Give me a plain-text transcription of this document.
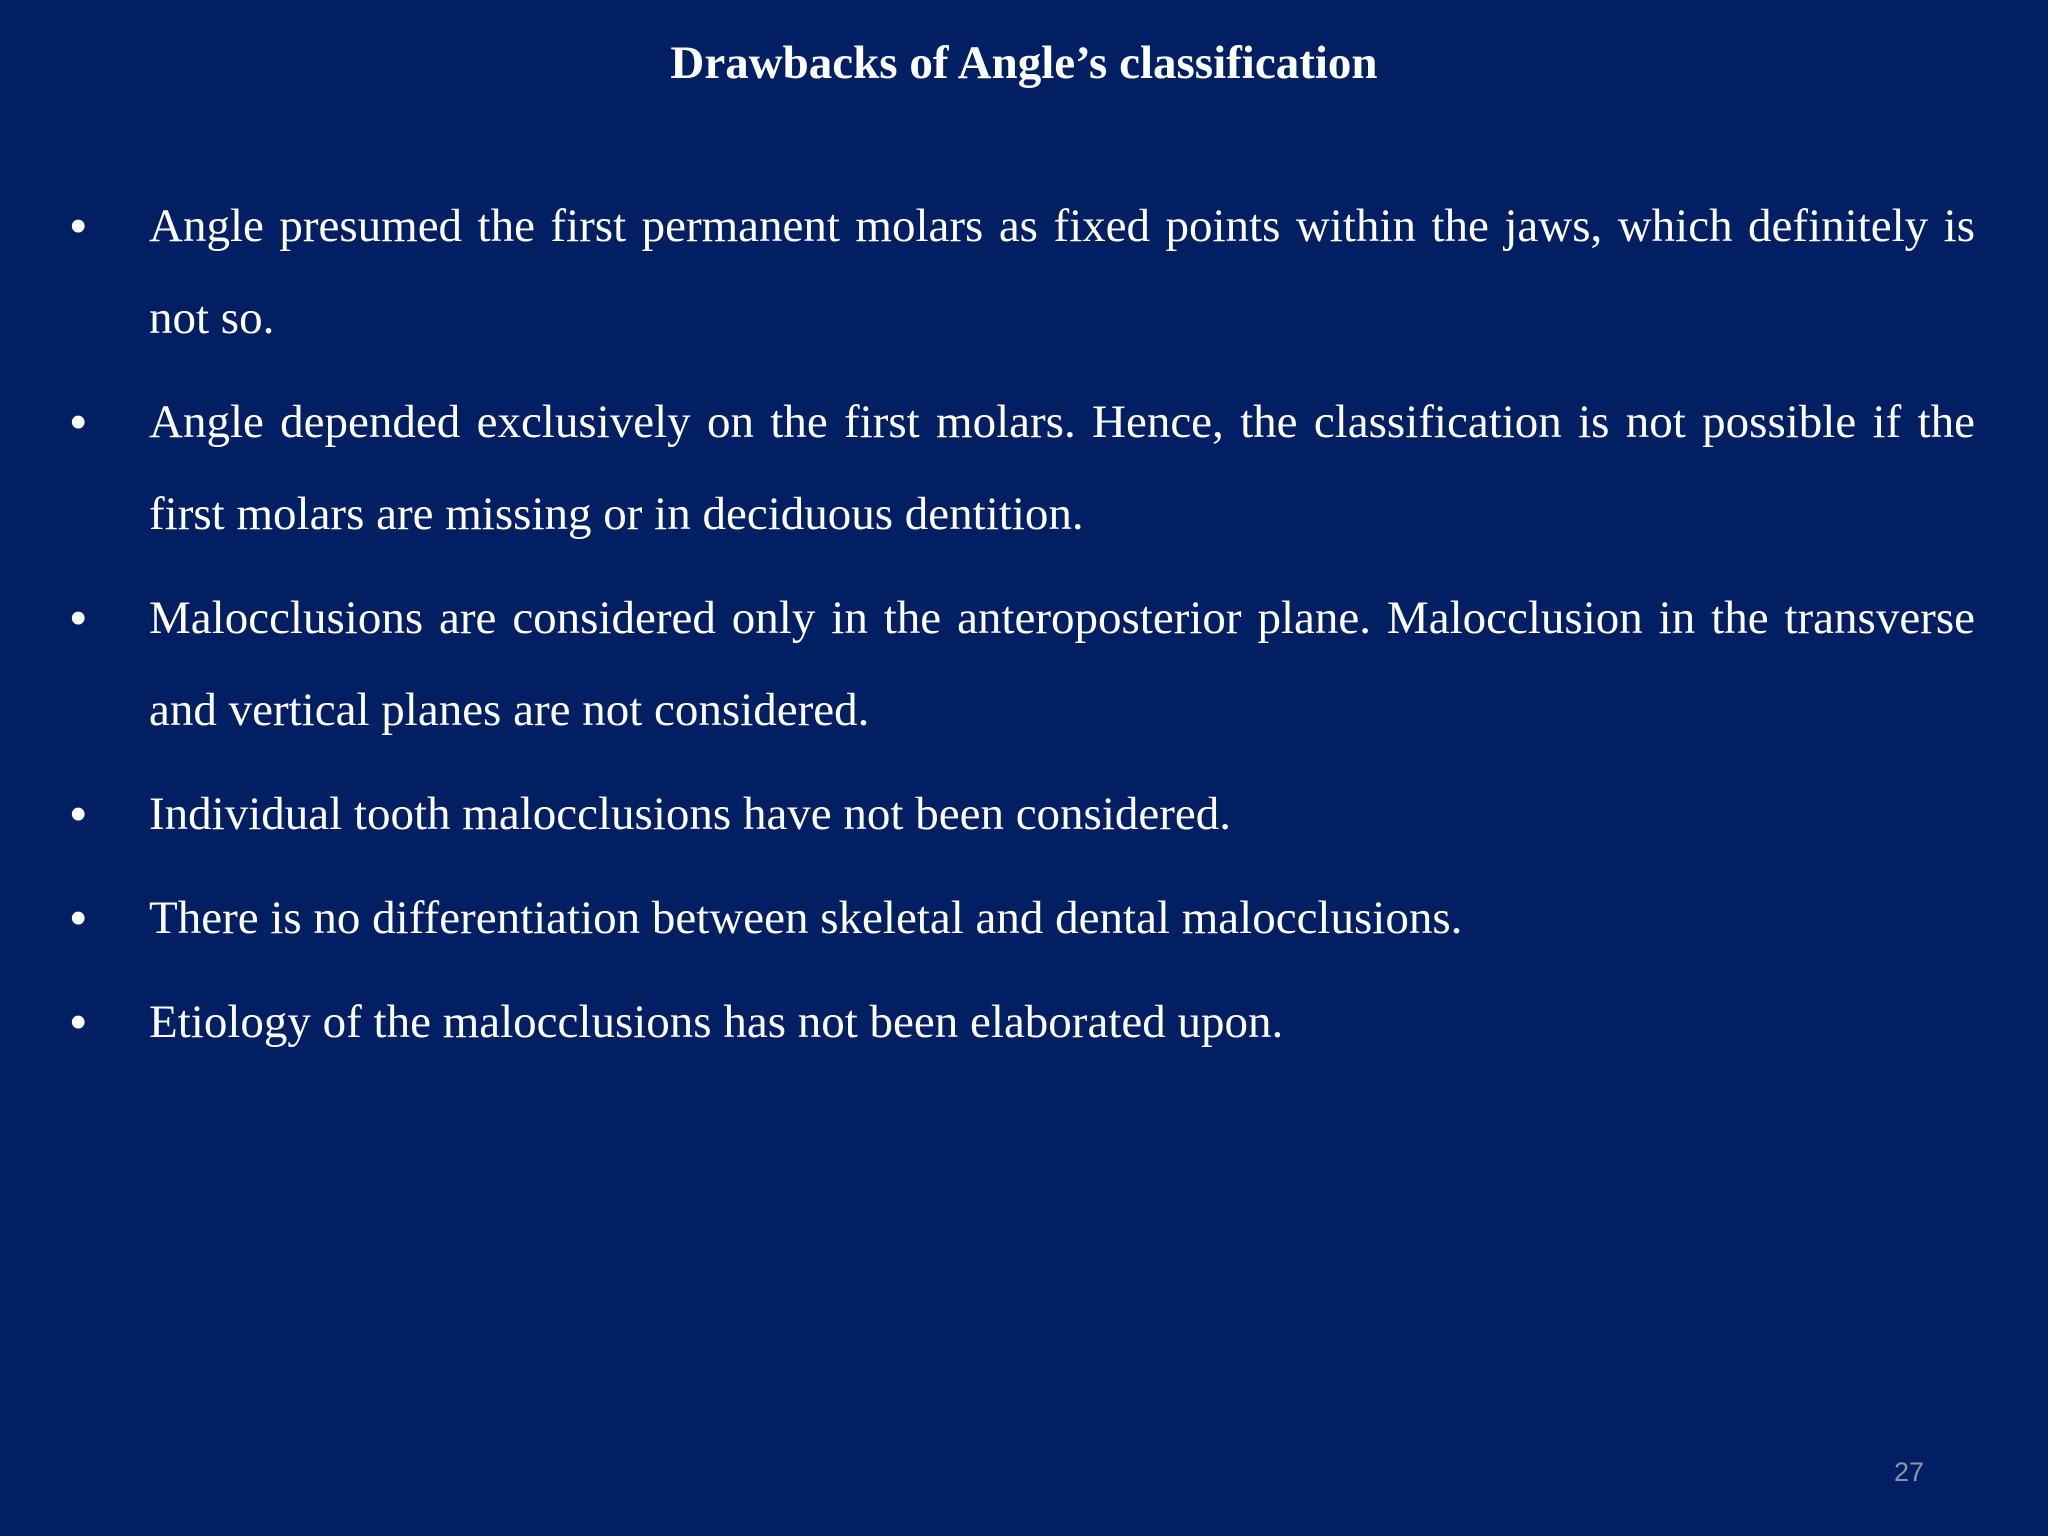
Drawbacks of Angle’s classification
• Angle presumed the first permanent molars as fixed points within the jaws, which definitely is not so.
• Angle depended exclusively on the first molars. Hence, the classification is not possible if the first molars are missing or in deciduous dentition.
• Malocclusions are considered only in the anteroposterior plane. Malocclusion in the transverse and vertical planes are not considered.
• Individual tooth malocclusions have not been considered.
• There is no differentiation between skeletal and dental malocclusions.
• Etiology of the malocclusions has not been elaborated upon.
27
